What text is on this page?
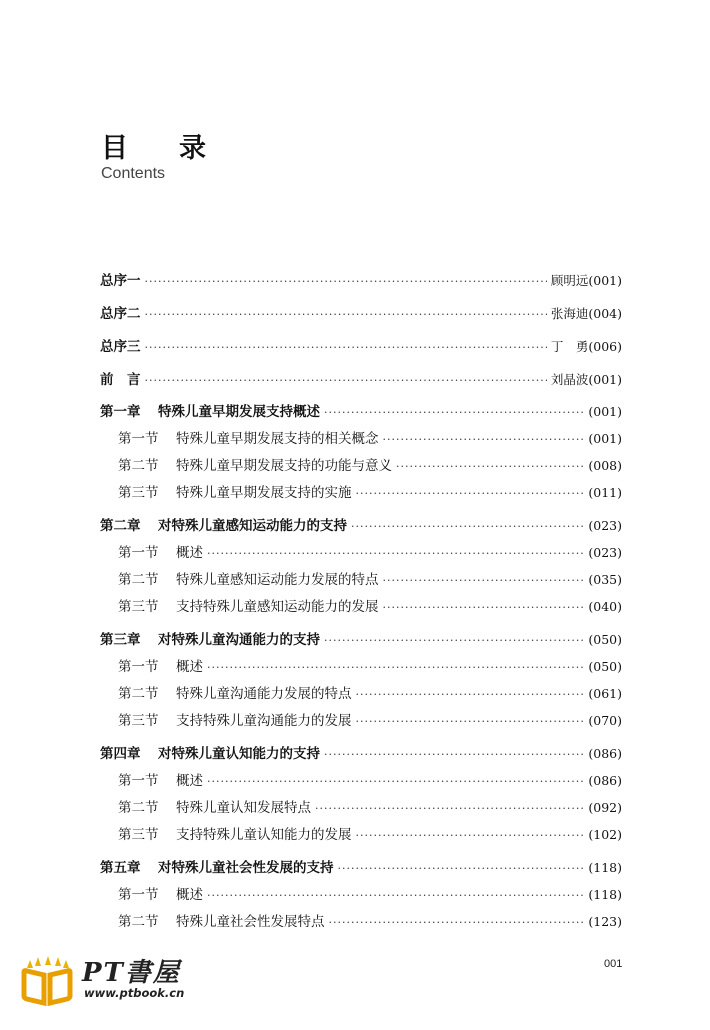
目　录
Contents
总序一 ·····	顾明远(001)
总序二 ·····	张海迪(004)
总序三 ·····	丁　勇(006)
前　言 ·····	刘晶波(001)
第一章 特殊儿童早期发展支持概述 ·····	(001)
第一节 特殊儿童早期发展支持的相关概念 ·····	(001)
第二节 特殊儿童早期发展支持的功能与意义 ·····	(008)
第三节 特殊儿童早期发展支持的实施 ·····	(011)
第二章 对特殊儿童感知运动能力的支持 ·····	(023)
第一节 概述 ·····	(023)
第二节 特殊儿童感知运动能力发展的特点 ·····	(035)
第三节 支持特殊儿童感知运动能力的发展 ·····	(040)
第三章 对特殊儿童沟通能力的支持 ·····	(050)
第一节 概述 ·····	(050)
第二节 特殊儿童沟通能力发展的特点 ·····	(061)
第三节 支持特殊儿童沟通能力的发展 ·····	(070)
第四章 对特殊儿童认知能力的支持 ·····	(086)
第一节 概述 ·····	(086)
第二节 特殊儿童认知发展特点 ·····	(092)
第三节 支持特殊儿童认知能力的发展 ·····	(102)
第五章 对特殊儿童社会性发展的支持 ·····	(118)
第一节 概述 ·····	(118)
第二节 特殊儿童社会性发展特点 ·····	(123)
PT書屋
www.ptbook.cn
001
